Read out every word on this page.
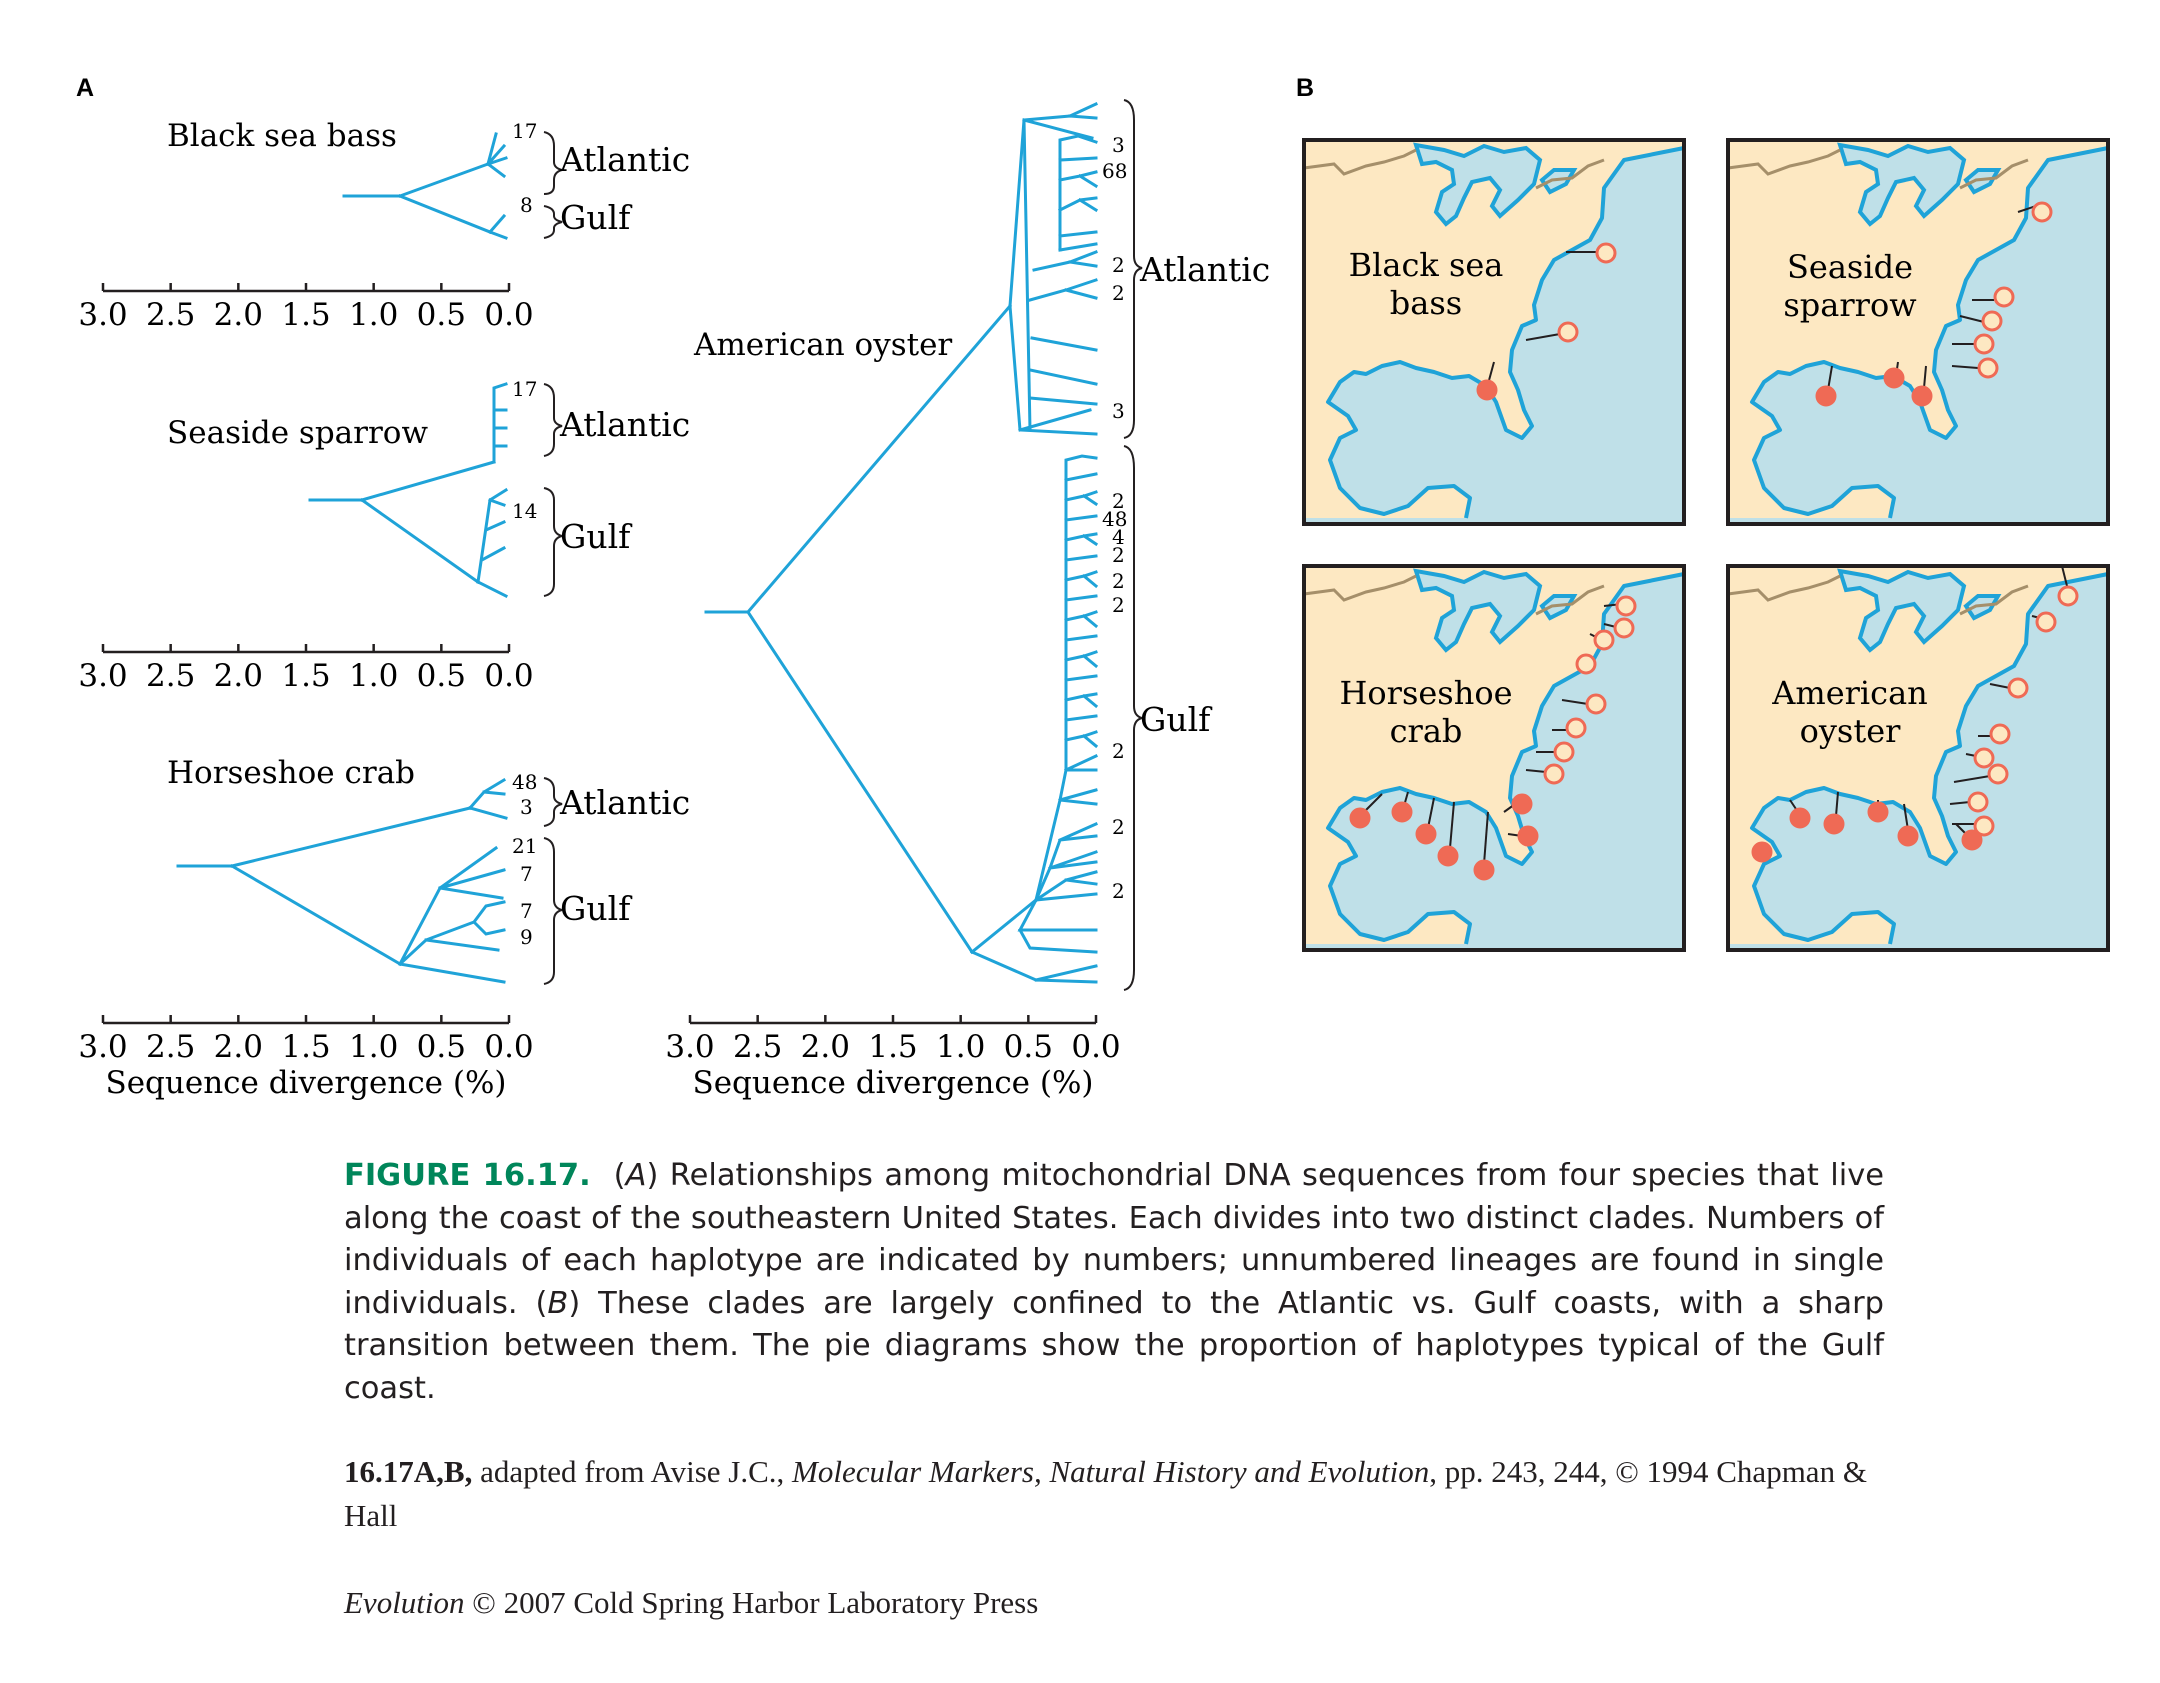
A	B
Black sea bass	17
8
Atlantic
Gulf
3.0 2.5 2.0 1.5 1.0 0.5 0.0
Seaside sparrow
17
14
Atlantic
Gulf
3.0 2.5 2.0 1.5 1.0 0.5 0.0
Horseshoe crab	48
3
21
7
7
9
Atlantic
Gulf
3.0 2.5 2.0 1.5 1.0 0.5 0.0
Sequence divergence (%)
American oyster
3
68
2
2
3
2
48
4
2
2
2
2
2
2
Atlantic
Gulf
3.0 2.5 2.0 1.5 1.0 0.5 0.0
Sequence divergence (%)
Black sea
bass
Seaside
sparrow
Horseshoe
crab
American
oyster
FIGURE 16.17. (A) Relationships among mitochondrial DNA sequences from four species that live along the coast of the southeastern United States. Each divides into two distinct clades. Numbers of individuals of each haplotype are indicated by numbers; unnumbered lineages are found in single individuals. (B) These clades are largely confined to the Atlantic vs. Gulf coasts, with a sharp transition between them. The pie diagrams show the proportion of haplotypes typical of the Gulf coast.
16.17A,B, adapted from Avise J.C., Molecular Markers, Natural History and Evolution, pp. 243, 244, © 1994 Chapman & Hall
Evolution © 2007 Cold Spring Harbor Laboratory Press
